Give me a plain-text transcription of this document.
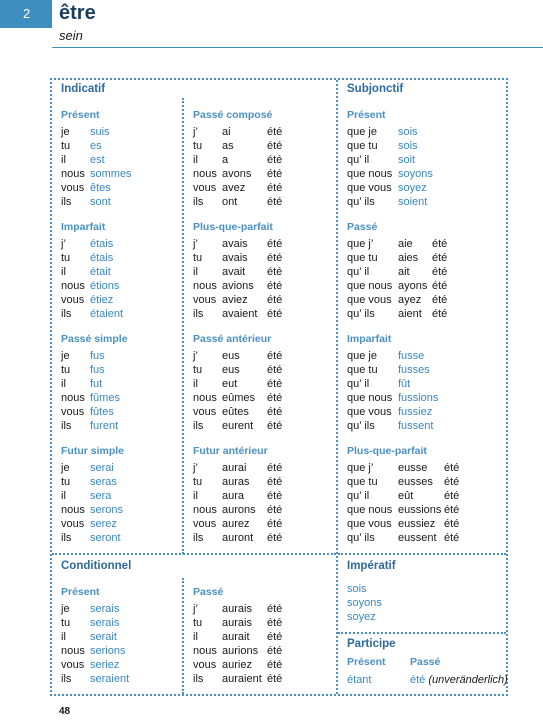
2	être
sein
Indicatif	Subjonctif
Conditionnel	Impératif
Participe
Présent
Imparfait
Passé simple
Futur simple
Passé composé
Plus-que-parfait
Passé antérieur
Futur antérieur
Présent
Passé
Imparfait
Plus-que-parfait
Présent	Passé
je suis
tu es
il est
nous sommes
vous êtes
ils sont
j’ étais
tu étais
il était
nous étions
vous étiez
ils étaient
je fus
tu fus
il fut
nous fûmes
vous fûtes
ils furent
je serai
tu seras
il sera
nous serons
vous serez
ils seront
j’ ai	été
tu as	été
il a	été
nous avons été
vous avez été
ils ont	été
j’ avais été
tu avais été
il avait été
nous avions été
vous aviez été
ils avaient été
j’ eus été
tu eus été
il eut	été
nous eûmes été
vous eûtes été
ils eurent été
j’ aurai été
tu auras été
il aura été
nous aurons été
vous aurez été
ils auront été
que je sois
que tu sois
qu’ il	soit
que nous soyons
que vous soyez
qu’ ils soient
que j’ aie été
que tu aies été
qu’ il	ait été
que nous ayons été
que vous ayez été
qu’ ils aient été
que je fusse
que tu fusses
qu’ il	fût
que nous fussions
que vous fussiez
qu’ ils fussent
que j’ eusse été
que tu eusses été
qu’ il	eût	été
que nous eussions été
que vous eussiez été
qu’ ils eussent été
je serais
tu serais
il serait
nous serions
vous seriez
ils seraient
j’ aurais été
tu aurais été
il aurait été
nous aurions été
vous auriez été
ils auraient été
sois
soyons
soyez
Présent Passé
étant	été (unveränderlich)
48
